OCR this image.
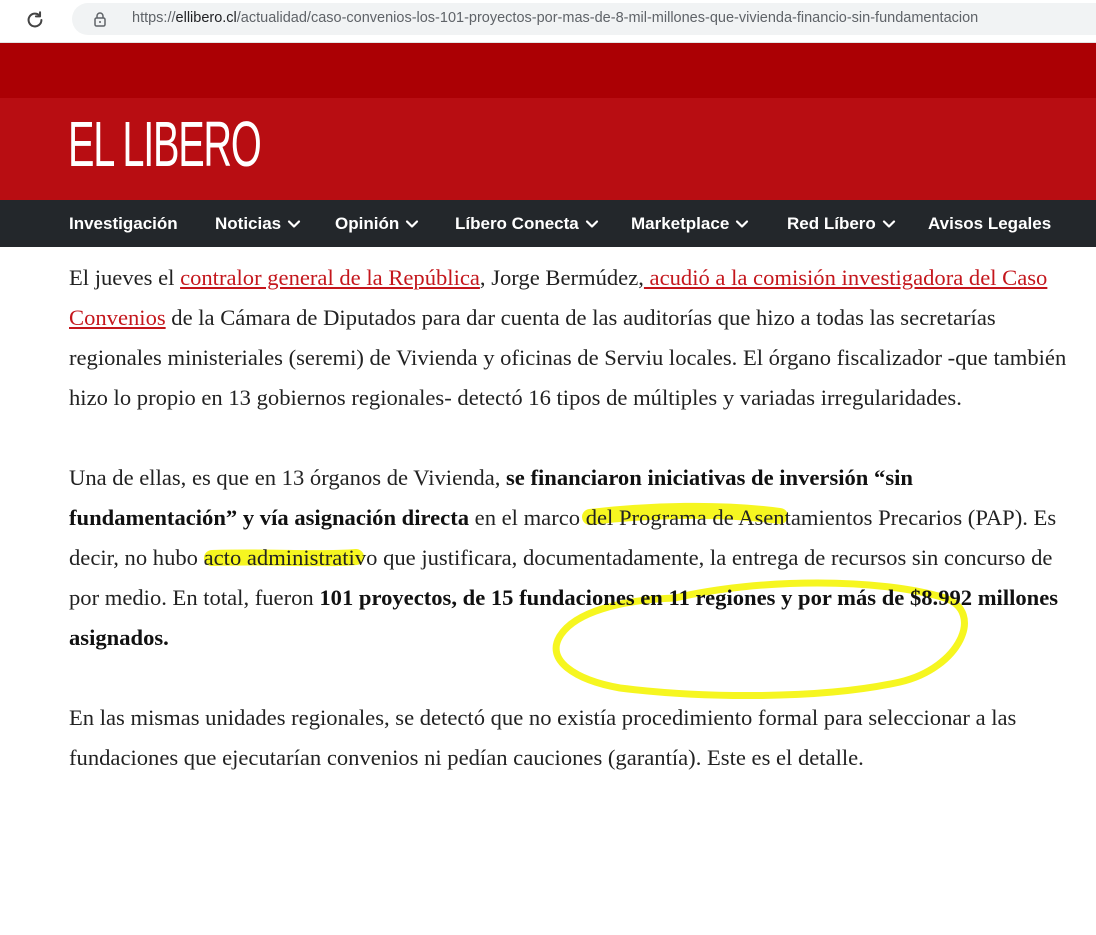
https://ellibero.cl/actualidad/caso-convenios-los-101-proyectos-por-mas-de-8-mil-millones-que-vivienda-financio-sin-fundamentacion
EL LIBERO
Investigación Noticias	Opinión	Líbero Conecta	Marketplace	Red Líbero	Avisos Legales

El jueves el contralor general de la República, Jorge Bermúdez, acudió a la comisión investigadora del Caso Convenios de la Cámara de Diputados para dar cuenta de las auditorías que hizo a todas las secretarías regionales ministeriales (seremi) de Vivienda y oficinas de Serviu locales. El órgano fiscalizador -que también hizo lo propio en 13 gobiernos regionales- detectó 16 tipos de múltiples y variadas irregularidades.

Una de ellas, es que en 13 órganos de Vivienda, se financiaron iniciativas de inversión “sin fundamentación” y vía asignación directa en el marco del Programa de Asentamientos Precarios (PAP). Es decir, no hubo acto administrativo que justificara, documentadamente, la entrega de recursos sin concurso de por medio. En total, fueron 101 proyectos, de 15 fundaciones en 11 regiones y por más de $8.992 millones asignados.

En las mismas unidades regionales, se detectó que no existía procedimiento formal para seleccionar a las fundaciones que ejecutarían convenios ni pedían cauciones (garantía). Este es el detalle.
